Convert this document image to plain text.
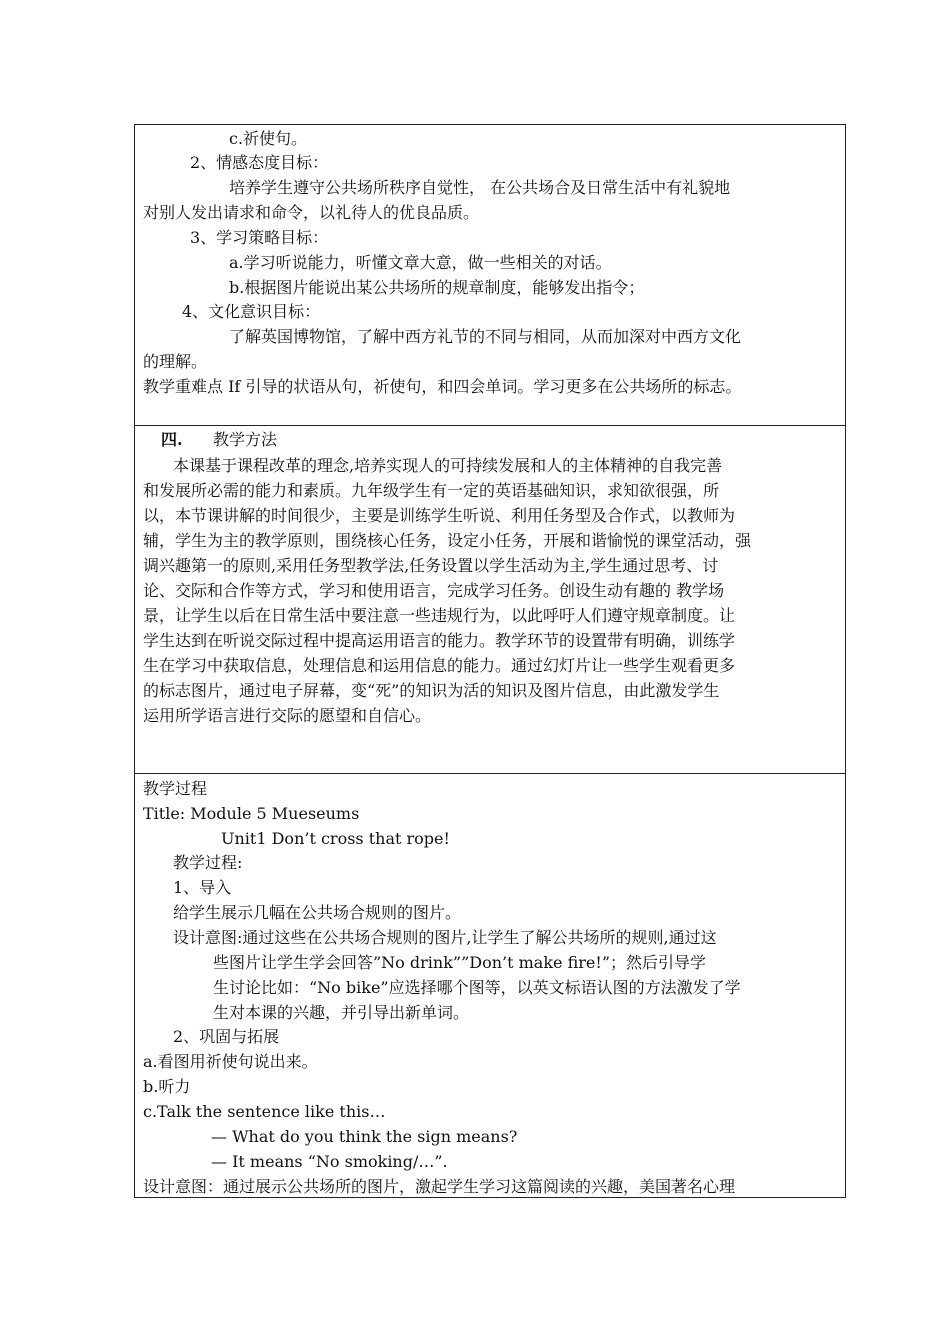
c.祈使句。
2、情感态度目标：
培养学生遵守公共场所秩序自觉性， 在公共场合及日常生活中有礼貌地
对别人发出请求和命令，以礼待人的优良品质。
3、学习策略目标：
a.学习听说能力，听懂文章大意，做一些相关的对话。
b.根据图片能说出某公共场所的规章制度，能够发出指令；
4、文化意识目标：
了解英国博物馆，了解中西方礼节的不同与相同，从而加深对中西方文化
的理解。
教学重难点 If 引导的状语从句，祈使句，和四会单词。学习更多在公共场所的标志。
四. 教学方法
本课基于课程改革的理念,培养实现人的可持续发展和人的主体精神的自我完善
和发展所必需的能力和素质。九年级学生有一定的英语基础知识，求知欲很强，所
以，本节课讲解的时间很少，主要是训练学生听说、利用任务型及合作式，以教师为
辅，学生为主的教学原则，围绕核心任务，设定小任务，开展和谐愉悦的课堂活动，强
调兴趣第一的原则,采用任务型教学法,任务设置以学生活动为主,学生通过思考、讨
论、交际和合作等方式，学习和使用语言，完成学习任务。创设生动有趣的 教学场
景，让学生以后在日常生活中要注意一些违规行为，以此呼吁人们遵守规章制度。让
学生达到在听说交际过程中提高运用语言的能力。教学环节的设置带有明确，训练学
生在学习中获取信息，处理信息和运用信息的能力。通过幻灯片让一些学生观看更多
的标志图片，通过电子屏幕，变“死”的知识为活的知识及图片信息，由此激发学生
运用所学语言进行交际的愿望和自信心。
教学过程
Title: Module 5 Mueseums
Unit1 Don’t cross that rope!
教学过程:
1、导入
给学生展示几幅在公共场合规则的图片。
设计意图:通过这些在公共场合规则的图片,让学生了解公共场所的规则,通过这
些图片让学生学会回答”No drink””Don’t make fire!”；然后引导学
生讨论比如：“No bike”应选择哪个图等，以英文标语认图的方法激发了学
生对本课的兴趣，并引导出新单词。
2、巩固与拓展
a.看图用祈使句说出来。
b.听力
c.Talk the sentence like this…
— What do you think the sign means?
— It means “No smoking/…”.
设计意图：通过展示公共场所的图片，激起学生学习这篇阅读的兴趣，美国著名心理
